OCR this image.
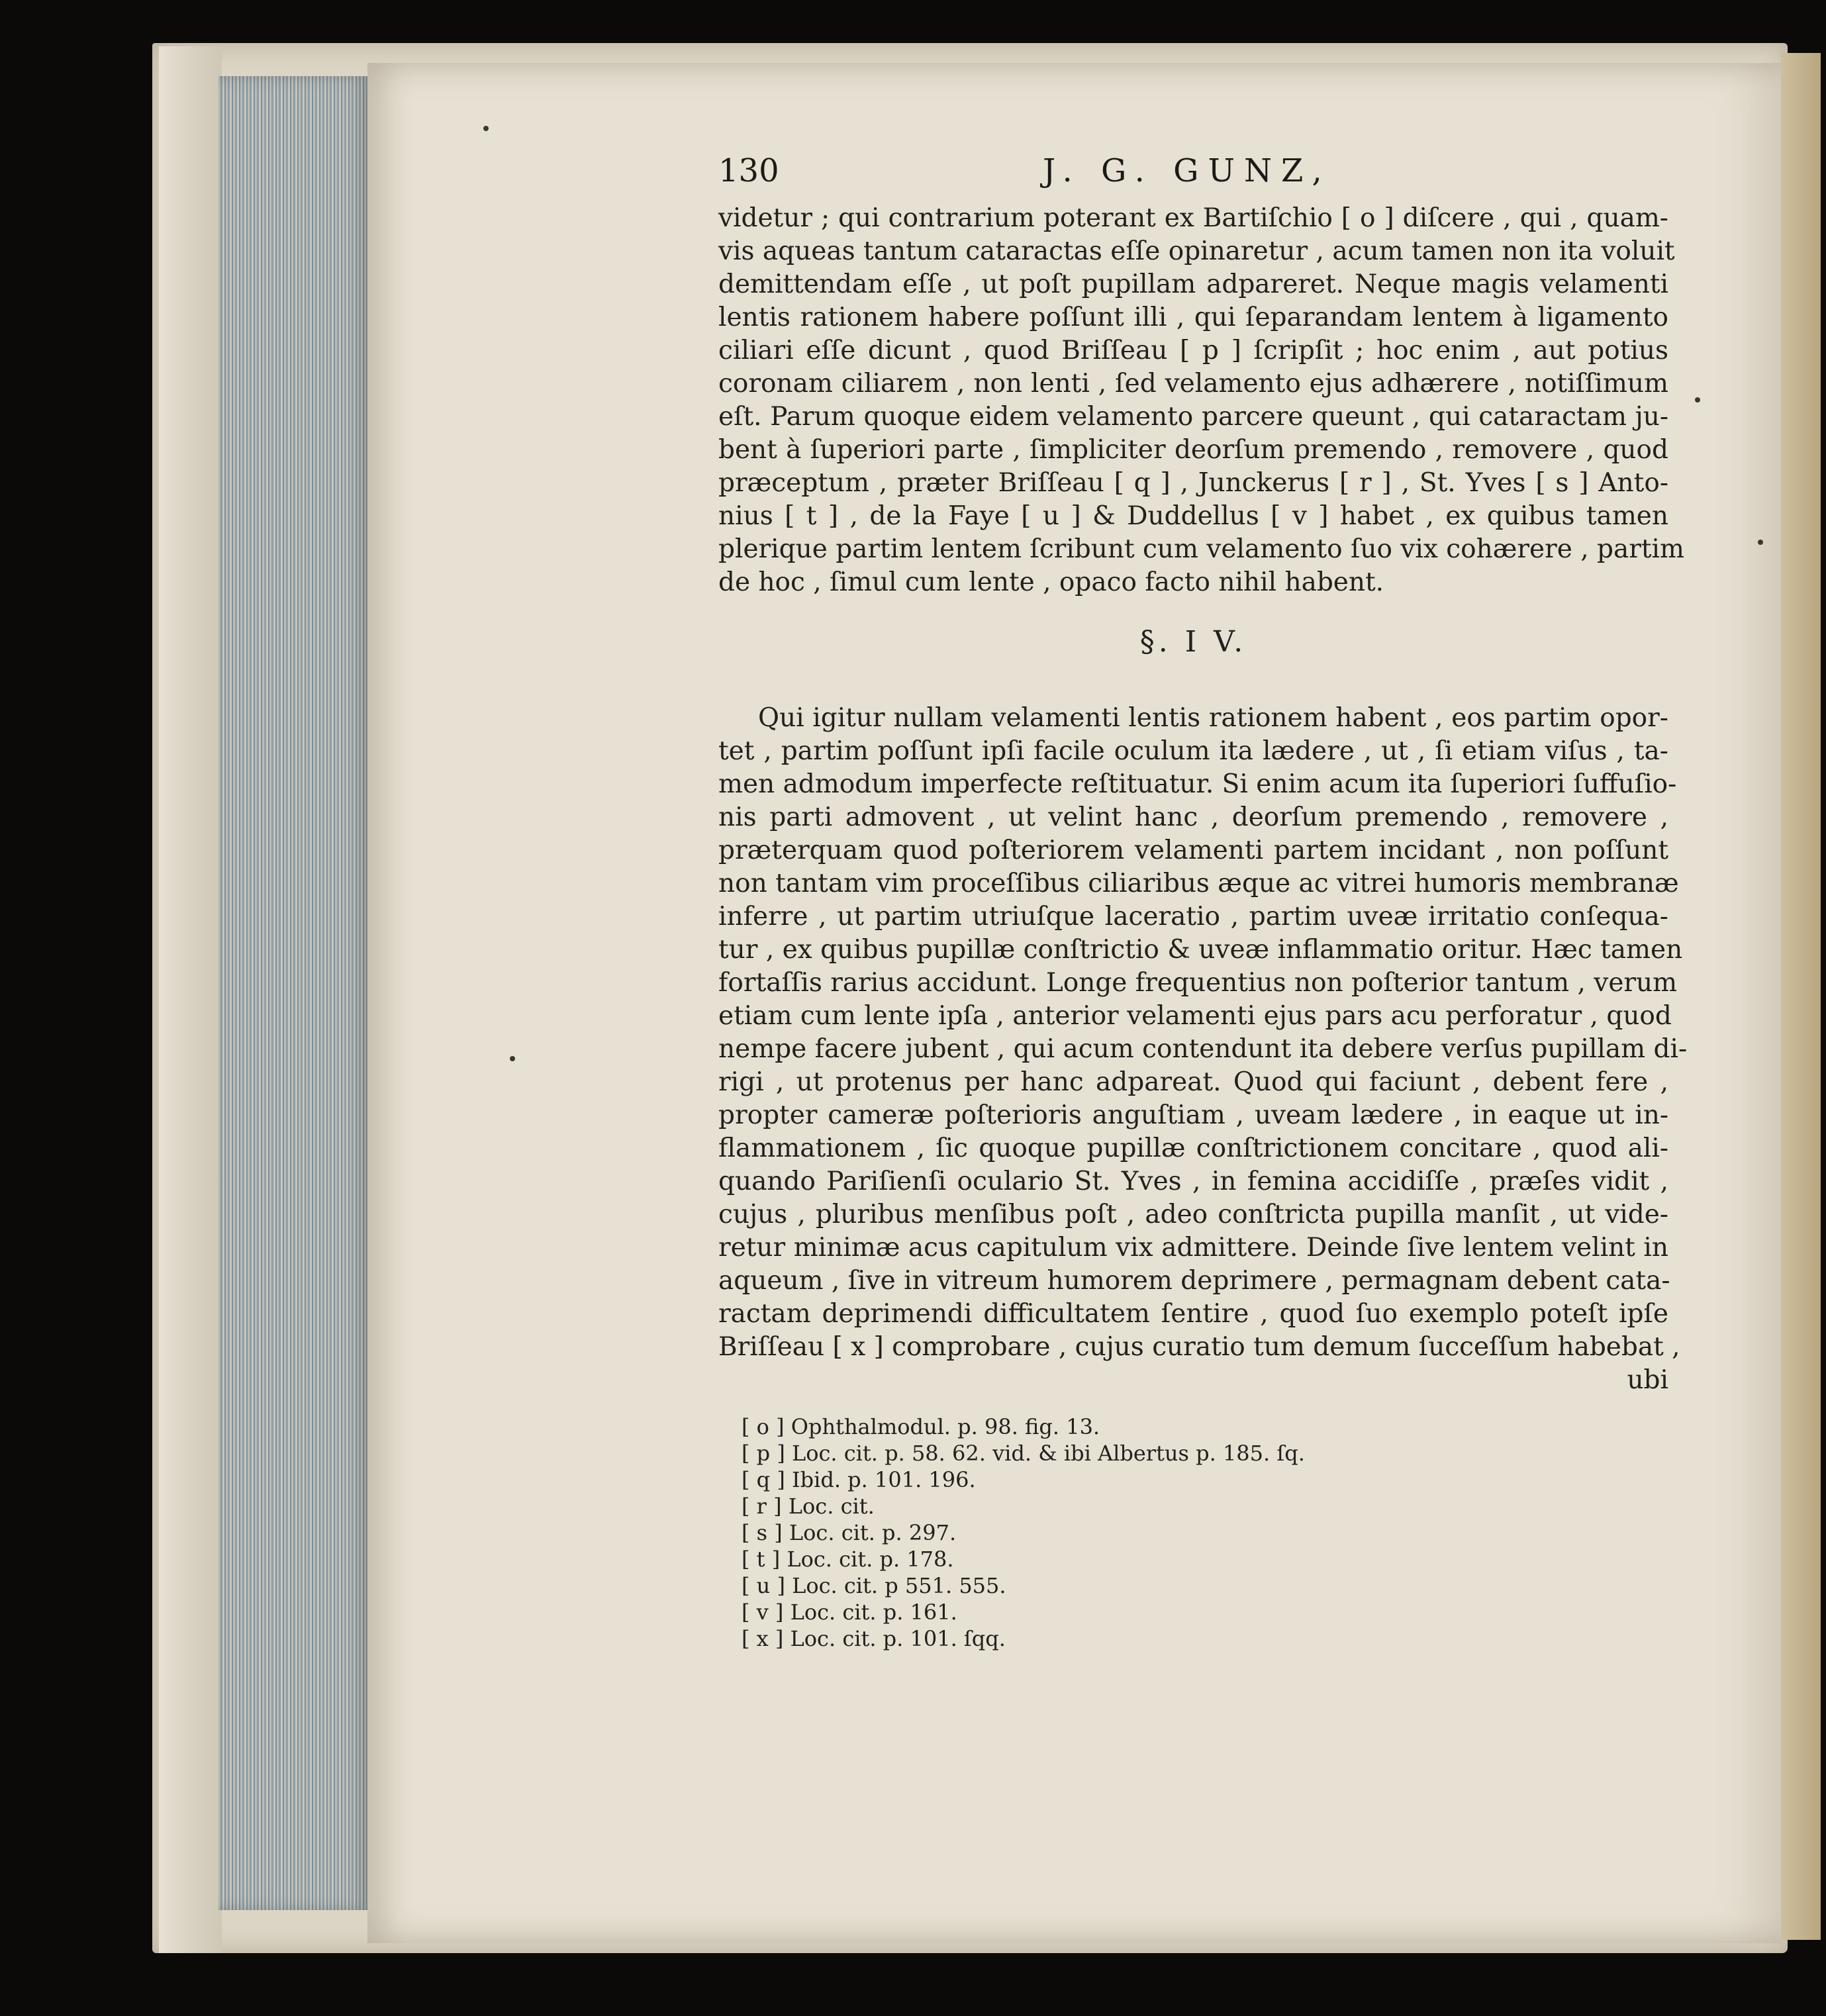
130	J. G. GUNZ,
videtur ; qui contrarium poterant ex Bartiſchio [ o ] diſcere , qui , quam-
vis aqueas tantum cataractas eſſe opinaretur , acum tamen non ita voluit
demittendam eſſe , ut poſt pupillam adpareret. Neque magis velamenti
lentis rationem habere poſſunt illi , qui ſeparandam lentem à ligamento
ciliari eſſe dicunt , quod Briſſeau [ p ] ſcripſit ; hoc enim , aut potius
coronam ciliarem , non lenti , ſed velamento ejus adhærere , notiſſimum
eſt. Parum quoque eidem velamento parcere queunt , qui cataractam ju-
bent à ſuperiori parte , ſimpliciter deorſum premendo , removere , quod
præceptum , præter Briſſeau [ q ] , Junckerus [ r ] , St. Yves [ s ] Anto-
nius [ t ] , de la Faye [ u ] & Duddellus [ v ] habet , ex quibus tamen
plerique partim lentem ſcribunt cum velamento ſuo vix cohærere , partim
de hoc , ſimul cum lente , opaco facto nihil habent.
§. I V.
Qui igitur nullam velamenti lentis rationem habent , eos partim opor-
tet , partim poſſunt ipſi facile oculum ita lædere , ut , ſi etiam viſus , ta-
men admodum imperfecte reſtituatur. Si enim acum ita ſuperiori ſuffuſio-
nis parti admovent , ut velint hanc , deorſum premendo , removere ,
præterquam quod poſteriorem velamenti partem incidant , non poſſunt
non tantam vim proceſſibus ciliaribus æque ac vitrei humoris membranæ
inferre , ut partim utriuſque laceratio , partim uveæ irritatio conſequa-
tur , ex quibus pupillæ conſtrictio & uveæ inflammatio oritur. Hæc tamen
fortaſſis rarius accidunt. Longe frequentius non poſterior tantum , verum
etiam cum lente ipſa , anterior velamenti ejus pars acu perforatur , quod
nempe facere jubent , qui acum contendunt ita debere verſus pupillam di-
rigi , ut protenus per hanc adpareat. Quod qui faciunt , debent fere ,
propter cameræ poſterioris anguſtiam , uveam lædere , in eaque ut in-
flammationem , ſic quoque pupillæ conſtrictionem concitare , quod ali-
quando Pariſienſi oculario St. Yves , in femina accidiſſe , præſes vidit ,
cujus , pluribus menſibus poſt , adeo conſtricta pupilla manſit , ut vide-
retur minimæ acus capitulum vix admittere. Deinde ſive lentem velint in
aqueum , ſive in vitreum humorem deprimere , permagnam debent cata-
ractam deprimendi difficultatem ſentire , quod ſuo exemplo poteſt ipſe
Briſſeau [ x ] comprobare , cujus curatio tum demum ſucceſſum habebat ,
ubi
[ o ] Ophthalmodul. p. 98. fig. 13.
[ p ] Loc. cit. p. 58. 62. vid. & ibi Albertus p. 185. ſq.
[ q ] Ibid. p. 101. 196.
[ r ] Loc. cit.
[ s ] Loc. cit. p. 297.
[ t ] Loc. cit. p. 178.
[ u ] Loc. cit. p 551. 555.
[ v ] Loc. cit. p. 161.
[ x ] Loc. cit. p. 101. ſqq.
